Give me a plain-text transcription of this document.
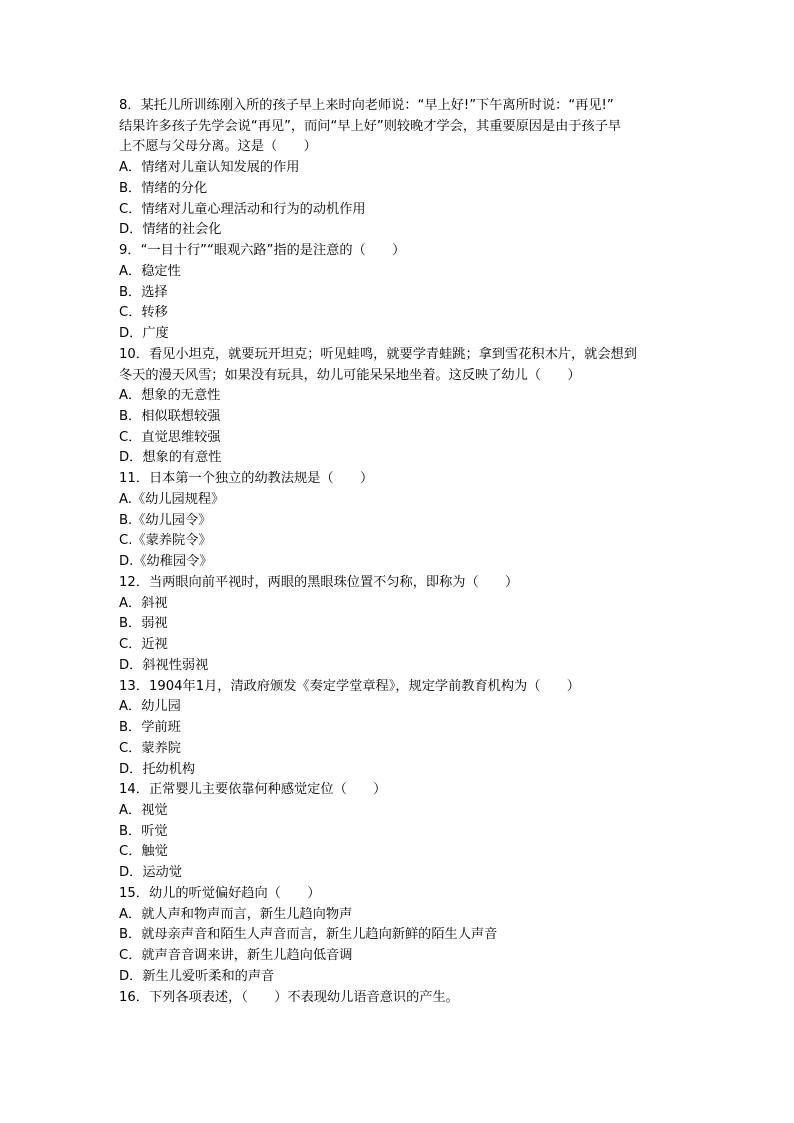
8．某托儿所训练刚入所的孩子早上来时向老师说：“早上好!”下午离所时说：“再见!”
结果许多孩子先学会说“再见”，而问“早上好”则较晚才学会，其重要原因是由于孩子早
上不愿与父母分离。这是（　　）
A．情绪对儿童认知发展的作用
B．情绪的分化
C．情绪对儿童心理活动和行为的动机作用
D．情绪的社会化
9．“一目十行”“眼观六路”指的是注意的（　　）
A．稳定性
B．选择
C．转移
D．广度
10．看见小坦克，就要玩开坦克；听见蛙鸣，就要学青蛙跳；拿到雪花积木片，就会想到
冬天的漫天风雪；如果没有玩具，幼儿可能呆呆地坐着。这反映了幼儿（　　）
A．想象的无意性
B．相似联想较强
C．直觉思维较强
D．想象的有意性
11．日本第一个独立的幼教法规是（　　）
A.《幼儿园规程》
B.《幼儿园令》
C.《蒙养院令》
D.《幼稚园令》
12．当两眼向前平视时，两眼的黑眼珠位置不匀称，即称为（　　）
A．斜视
B．弱视
C．近视
D．斜视性弱视
13．1904年1月，清政府颁发《奏定学堂章程》，规定学前教育机构为（　　）
A．幼儿园
B．学前班
C．蒙养院
D．托幼机构
14．正常婴儿主要依靠何种感觉定位（　　）
A．视觉
B．听觉
C．触觉
D．运动觉
15．幼儿的听觉偏好趋向（　　）
A．就人声和物声而言，新生儿趋向物声
B．就母亲声音和陌生人声音而言，新生儿趋向新鲜的陌生人声音
C．就声音音调来讲，新生儿趋向低音调
D．新生儿爱听柔和的声音
16．下列各项表述，（　　）不表现幼儿语音意识的产生。
